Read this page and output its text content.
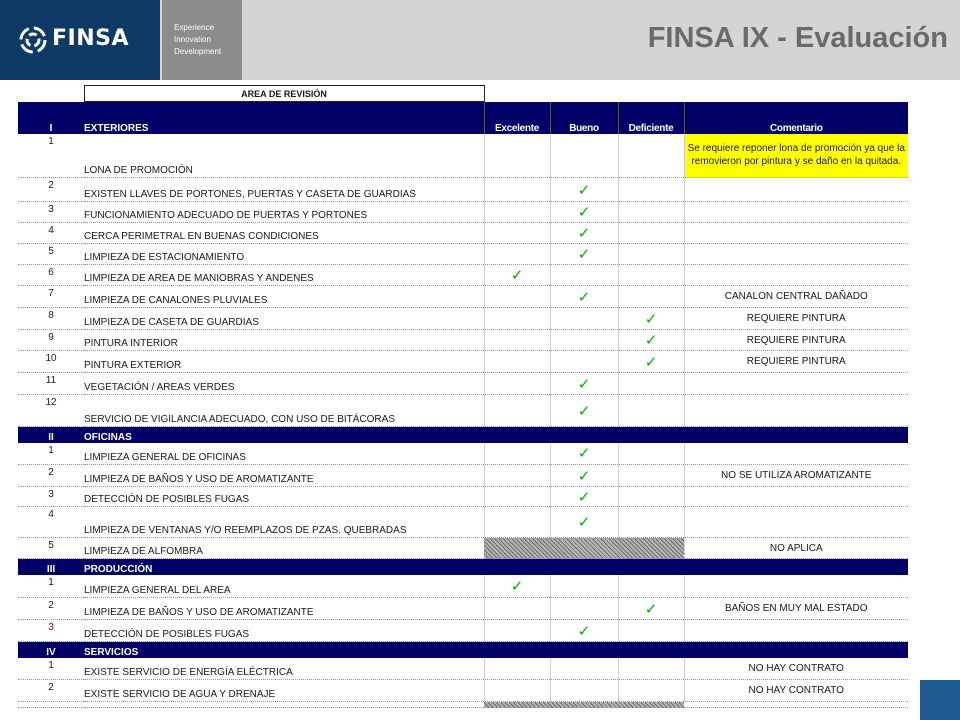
FINSA	Experience
Innovation
Development	FINSA IX - Evaluación
	AREA DE REVISIÓN				
I	EXTERIORES	Excelente	Bueno	Deficiente	Comentario
1	LONA DE PROMOCIÓN				Se requiere reponer lona de promoción ya que la removieron por pintura y se daño en la quitada.
2	EXISTEN LLAVES DE PORTONES, PUERTAS Y CASETA DE GUARDIAS		✓		
3	FUNCIONAMIENTO ADECUADO DE PUERTAS Y PORTONES		✓		
4	CERCA PERIMETRAL EN BUENAS CONDICIONES		✓		
5	LIMPIEZA DE ESTACIONAMIENTO		✓		
6	LIMPIEZA DE AREA DE MANIOBRAS Y ANDENES	✓			
7	LIMPIEZA DE CANALONES PLUVIALES		✓		CANALON CENTRAL DAÑADO
8	LIMPIEZA DE CASETA DE GUARDIAS			✓	REQUIERE PINTURA
9	PINTURA INTERIOR			✓	REQUIERE PINTURA
10	PINTURA EXTERIOR			✓	REQUIERE PINTURA
11	VEGETACIÓN / AREAS VERDES		✓		
12	SERVICIO DE VIGILANCIA ADECUADO, CON USO DE BITÁCORAS		✓		
II	OFICINAS				
1	LIMPIEZA GENERAL DE OFICINAS		✓		
2	LIMPIEZA DE BAÑOS Y USO DE AROMATIZANTE		✓		NO SE UTILIZA AROMATIZANTE
3	DETECCIÓN DE POSIBLES FUGAS		✓		
4	LIMPIEZA DE VENTANAS Y/O REEMPLAZOS DE PZAS. QUEBRADAS		✓		
5	LIMPIEZA DE ALFOMBRA				NO APLICA
III	PRODUCCIÓN				
1	LIMPIEZA GENERAL DEL AREA	✓			
2	LIMPIEZA DE BAÑOS Y USO DE AROMATIZANTE			✓	BAÑOS EN MUY MAL ESTADO
3	DETECCIÓN DE POSIBLES FUGAS		✓		
IV	SERVICIOS				
1	EXISTE SERVICIO DE ENERGÍA ELÉCTRICA				NO HAY CONTRATO
2	EXISTE SERVICIO DE AGUA Y DRENAJE				NO HAY CONTRATO
